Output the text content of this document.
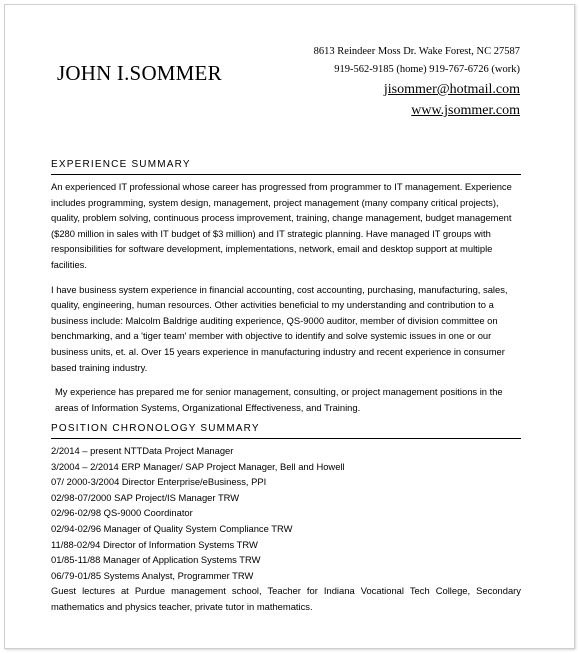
JOHN I.SOMMER
8613 Reindeer Moss Dr. Wake Forest, NC 27587
919-562-9185 (home) 919-767-6726 (work)
jisommer@hotmail.com
www.jsommer.com
EXPERIENCE SUMMARY

An experienced IT professional whose career has progressed from programmer to IT management. Experience includes programming, system design, management, project management (many company critical projects), quality, problem solving, continuous process improvement, training, change management, budget management ($280 million in sales with IT budget of $3 million) and IT strategic planning. Have managed IT groups with responsibilities for software development, implementations, network, email and desktop support at multiple facilities.

I have business system experience in financial accounting, cost accounting, purchasing, manufacturing, sales, quality, engineering, human resources. Other activities beneficial to my understanding and contribution to a business include: Malcolm Baldrige auditing experience, QS-9000 auditor, member of division committee on benchmarking, and a 'tiger team' member with objective to identify and solve systemic issues in one or our business units, et. al. Over 15 years experience in manufacturing industry and recent experience in consumer based training industry.

My experience has prepared me for senior management, consulting, or project management positions in the areas of Information Systems, Organizational Effectiveness, and Training.

POSITION CHRONOLOGY SUMMARY

2/2014 – present NTTData Project Manager

3/2004 – 2/2014 ERP Manager/ SAP Project Manager, Bell and Howell

07/ 2000-3/2004 Director Enterprise/eBusiness, PPI

02/98-07/2000 SAP Project/IS Manager TRW

02/96-02/98 QS-9000 Coordinator

02/94-02/96 Manager of Quality System Compliance TRW

11/88-02/94 Director of Information Systems TRW

01/85-11/88 Manager of Application Systems TRW

06/79-01/85 Systems Analyst, Programmer TRW

Guest lectures at Purdue management school, Teacher for Indiana Vocational Tech College, Secondary mathematics and physics teacher, private tutor in mathematics.
